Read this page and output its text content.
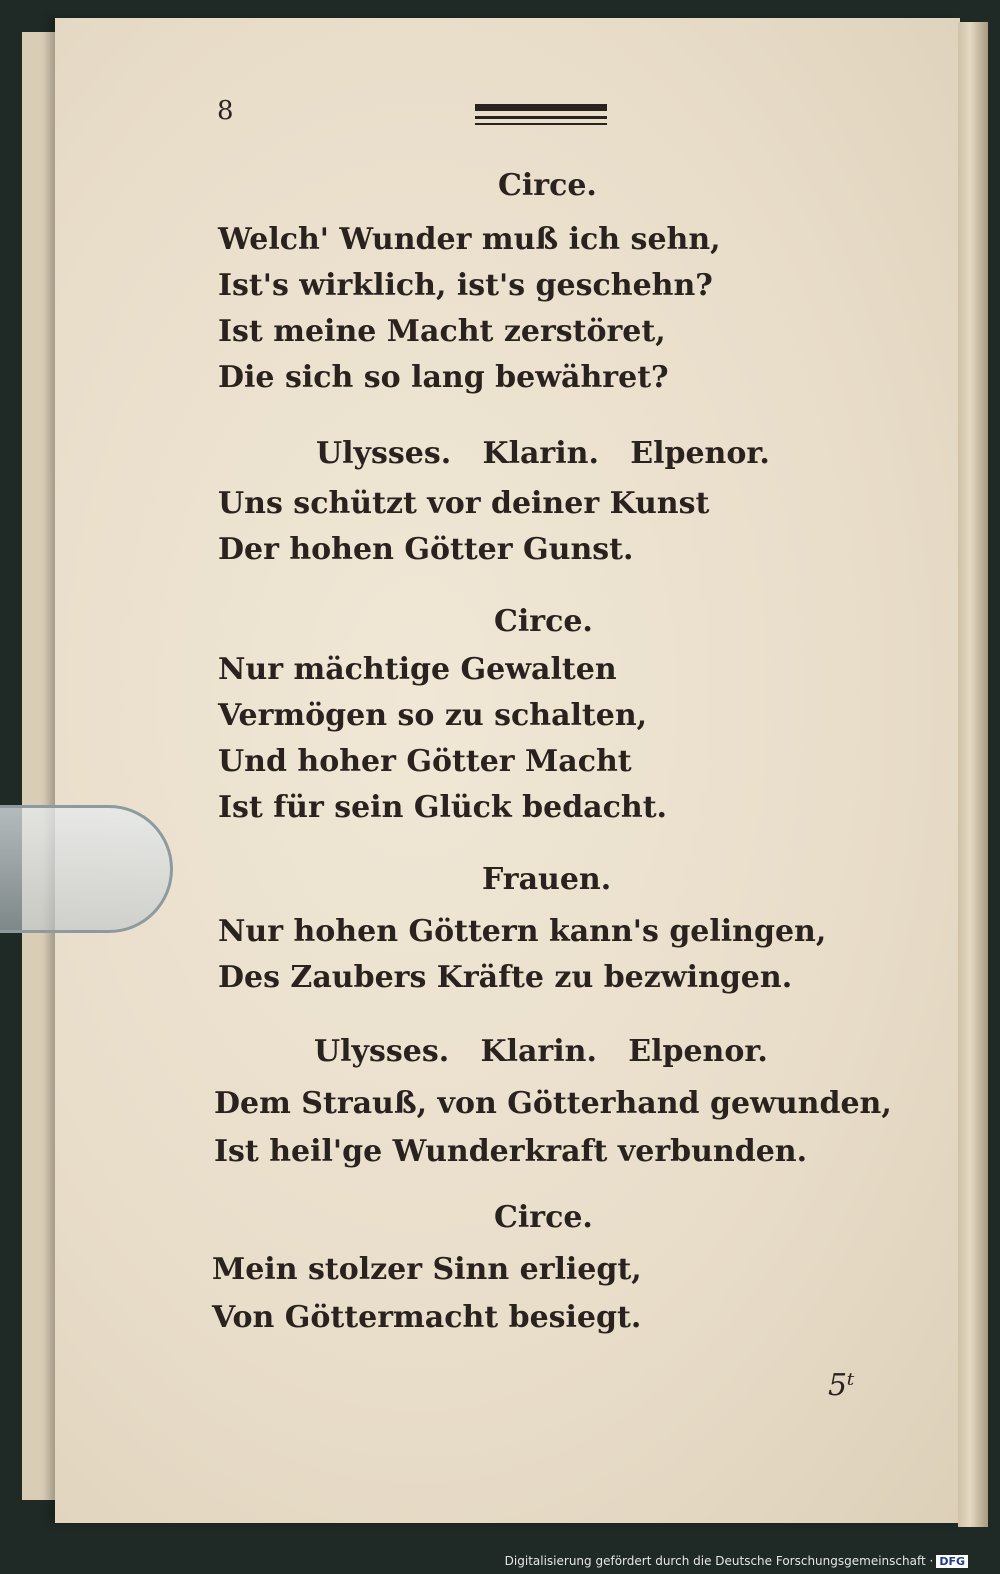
8
Circe.
Welch' Wunder muß ich sehn,
Ist's wirklich, ist's geschehn?
Ist meine Macht zerstöret,
Die sich so lang bewähret?
Ulysses.   Klarin.   Elpenor.
Uns schützt vor deiner Kunst
Der hohen Götter Gunst.
Circe.
Nur mächtige Gewalten
Vermögen so zu schalten,
Und hoher Götter Macht
Ist für sein Glück bedacht.
Frauen.
Nur hohen Göttern kann's gelingen,
Des Zaubers Kräfte zu bezwingen.
Ulysses.   Klarin.   Elpenor.
Dem Strauß, von Götterhand gewunden,
Ist heil'ge Wunderkraft verbunden.
Circe.
Mein stolzer Sinn erliegt,
Von Göttermacht besiegt.
5ᵗ
Digitalisierung gefördert durch die Deutsche Forschungsgemeinschaft · DFG
